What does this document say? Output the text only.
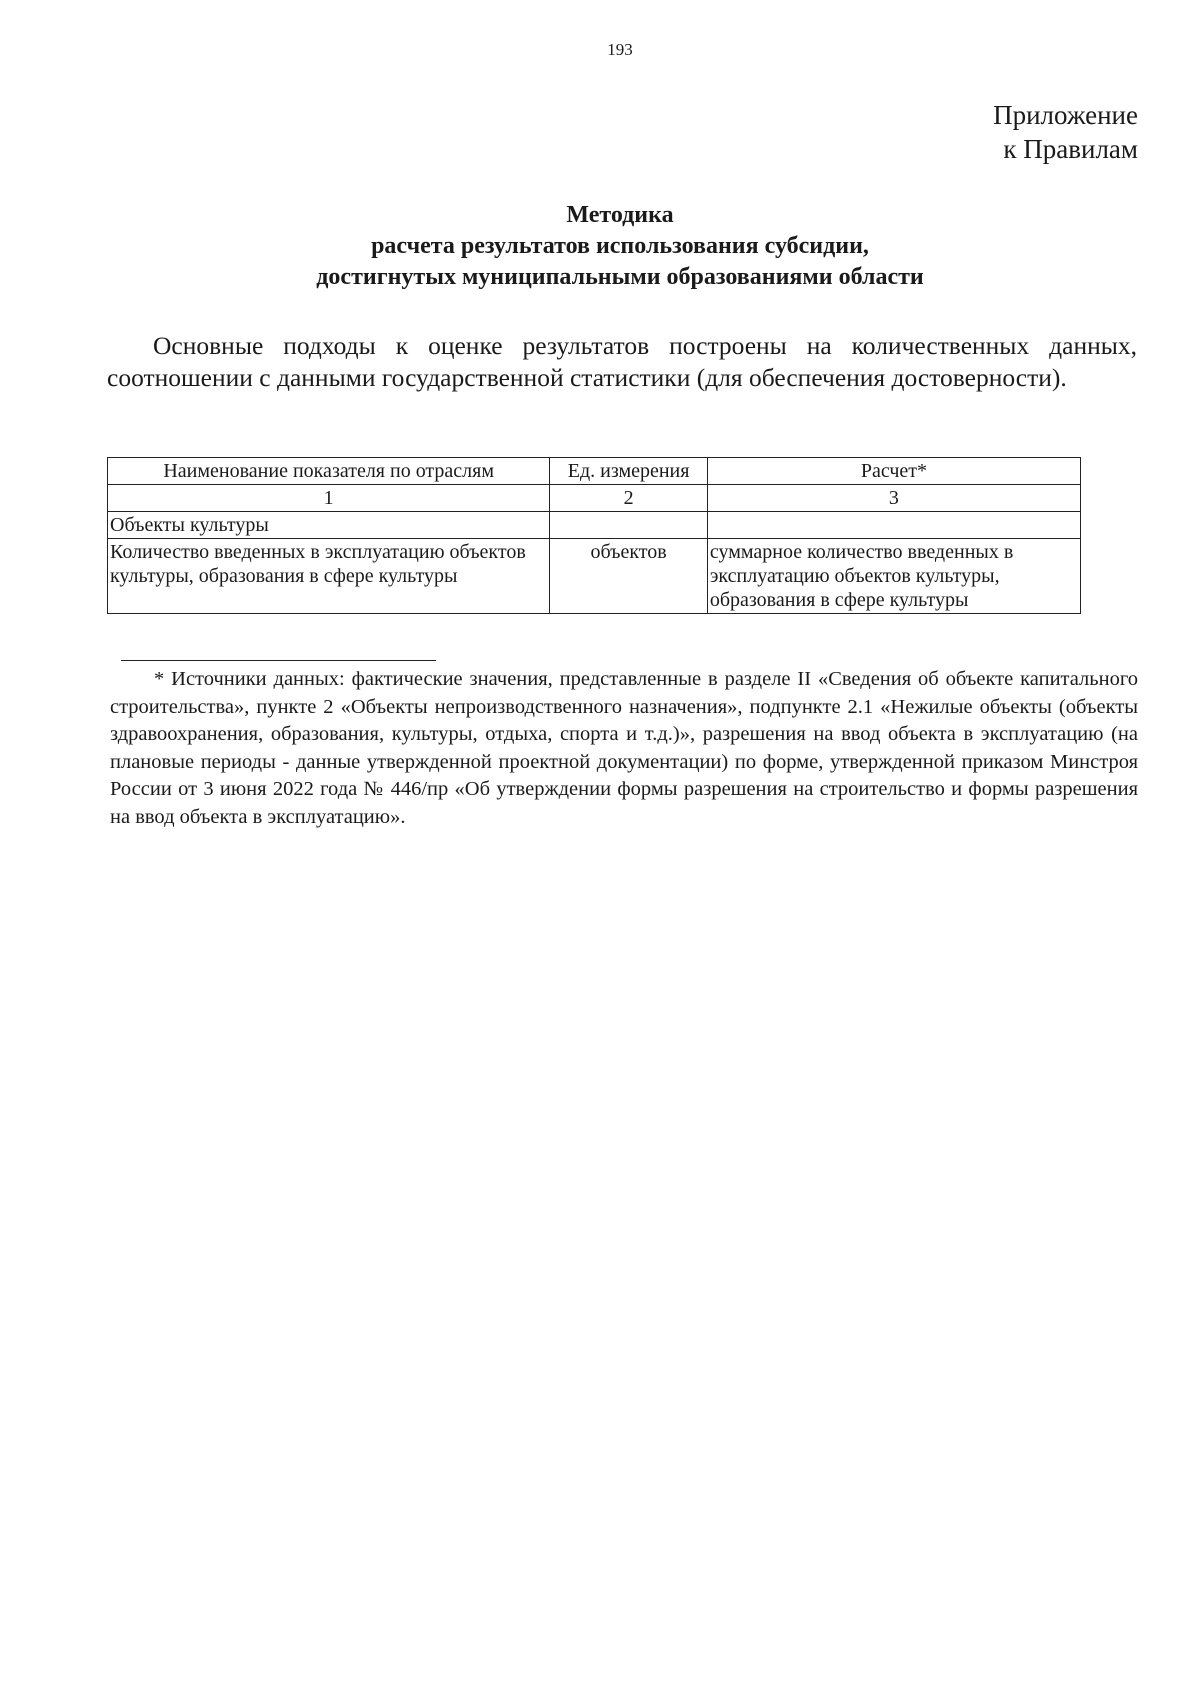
193
Приложение
к Правилам
Методика
расчета результатов использования субсидии,
достигнутых муниципальными образованиями области

Основные подходы к оценке результатов построены на количественных данных, соотношении с данными государственной статистики (для обеспечения достоверности).

Наименование показателя по отраслям	Ед. измерения	Расчет*
1	2	3
Объекты культуры		
Количество введенных в эксплуатацию объектов культуры, образования в сфере культуры	объектов	суммарное количество введенных в эксплуатацию объектов культуры, образования в сфере культуры

* Источники данных: фактические значения, представленные в разделе II «Сведения об объекте капитального строительства», пункте 2 «Объекты непроизводственного назначения», подпункте 2.1 «Нежилые объекты (объекты здравоохранения, образования, культуры, отдыха, спорта и т.д.)», разрешения на ввод объекта в эксплуатацию (на плановые периоды - данные утвержденной проектной документации) по форме, утвержденной приказом Минстроя России от 3 июня 2022 года № 446/пр «Об утверждении формы разрешения на строительство и формы разрешения на ввод объекта в эксплуатацию».
